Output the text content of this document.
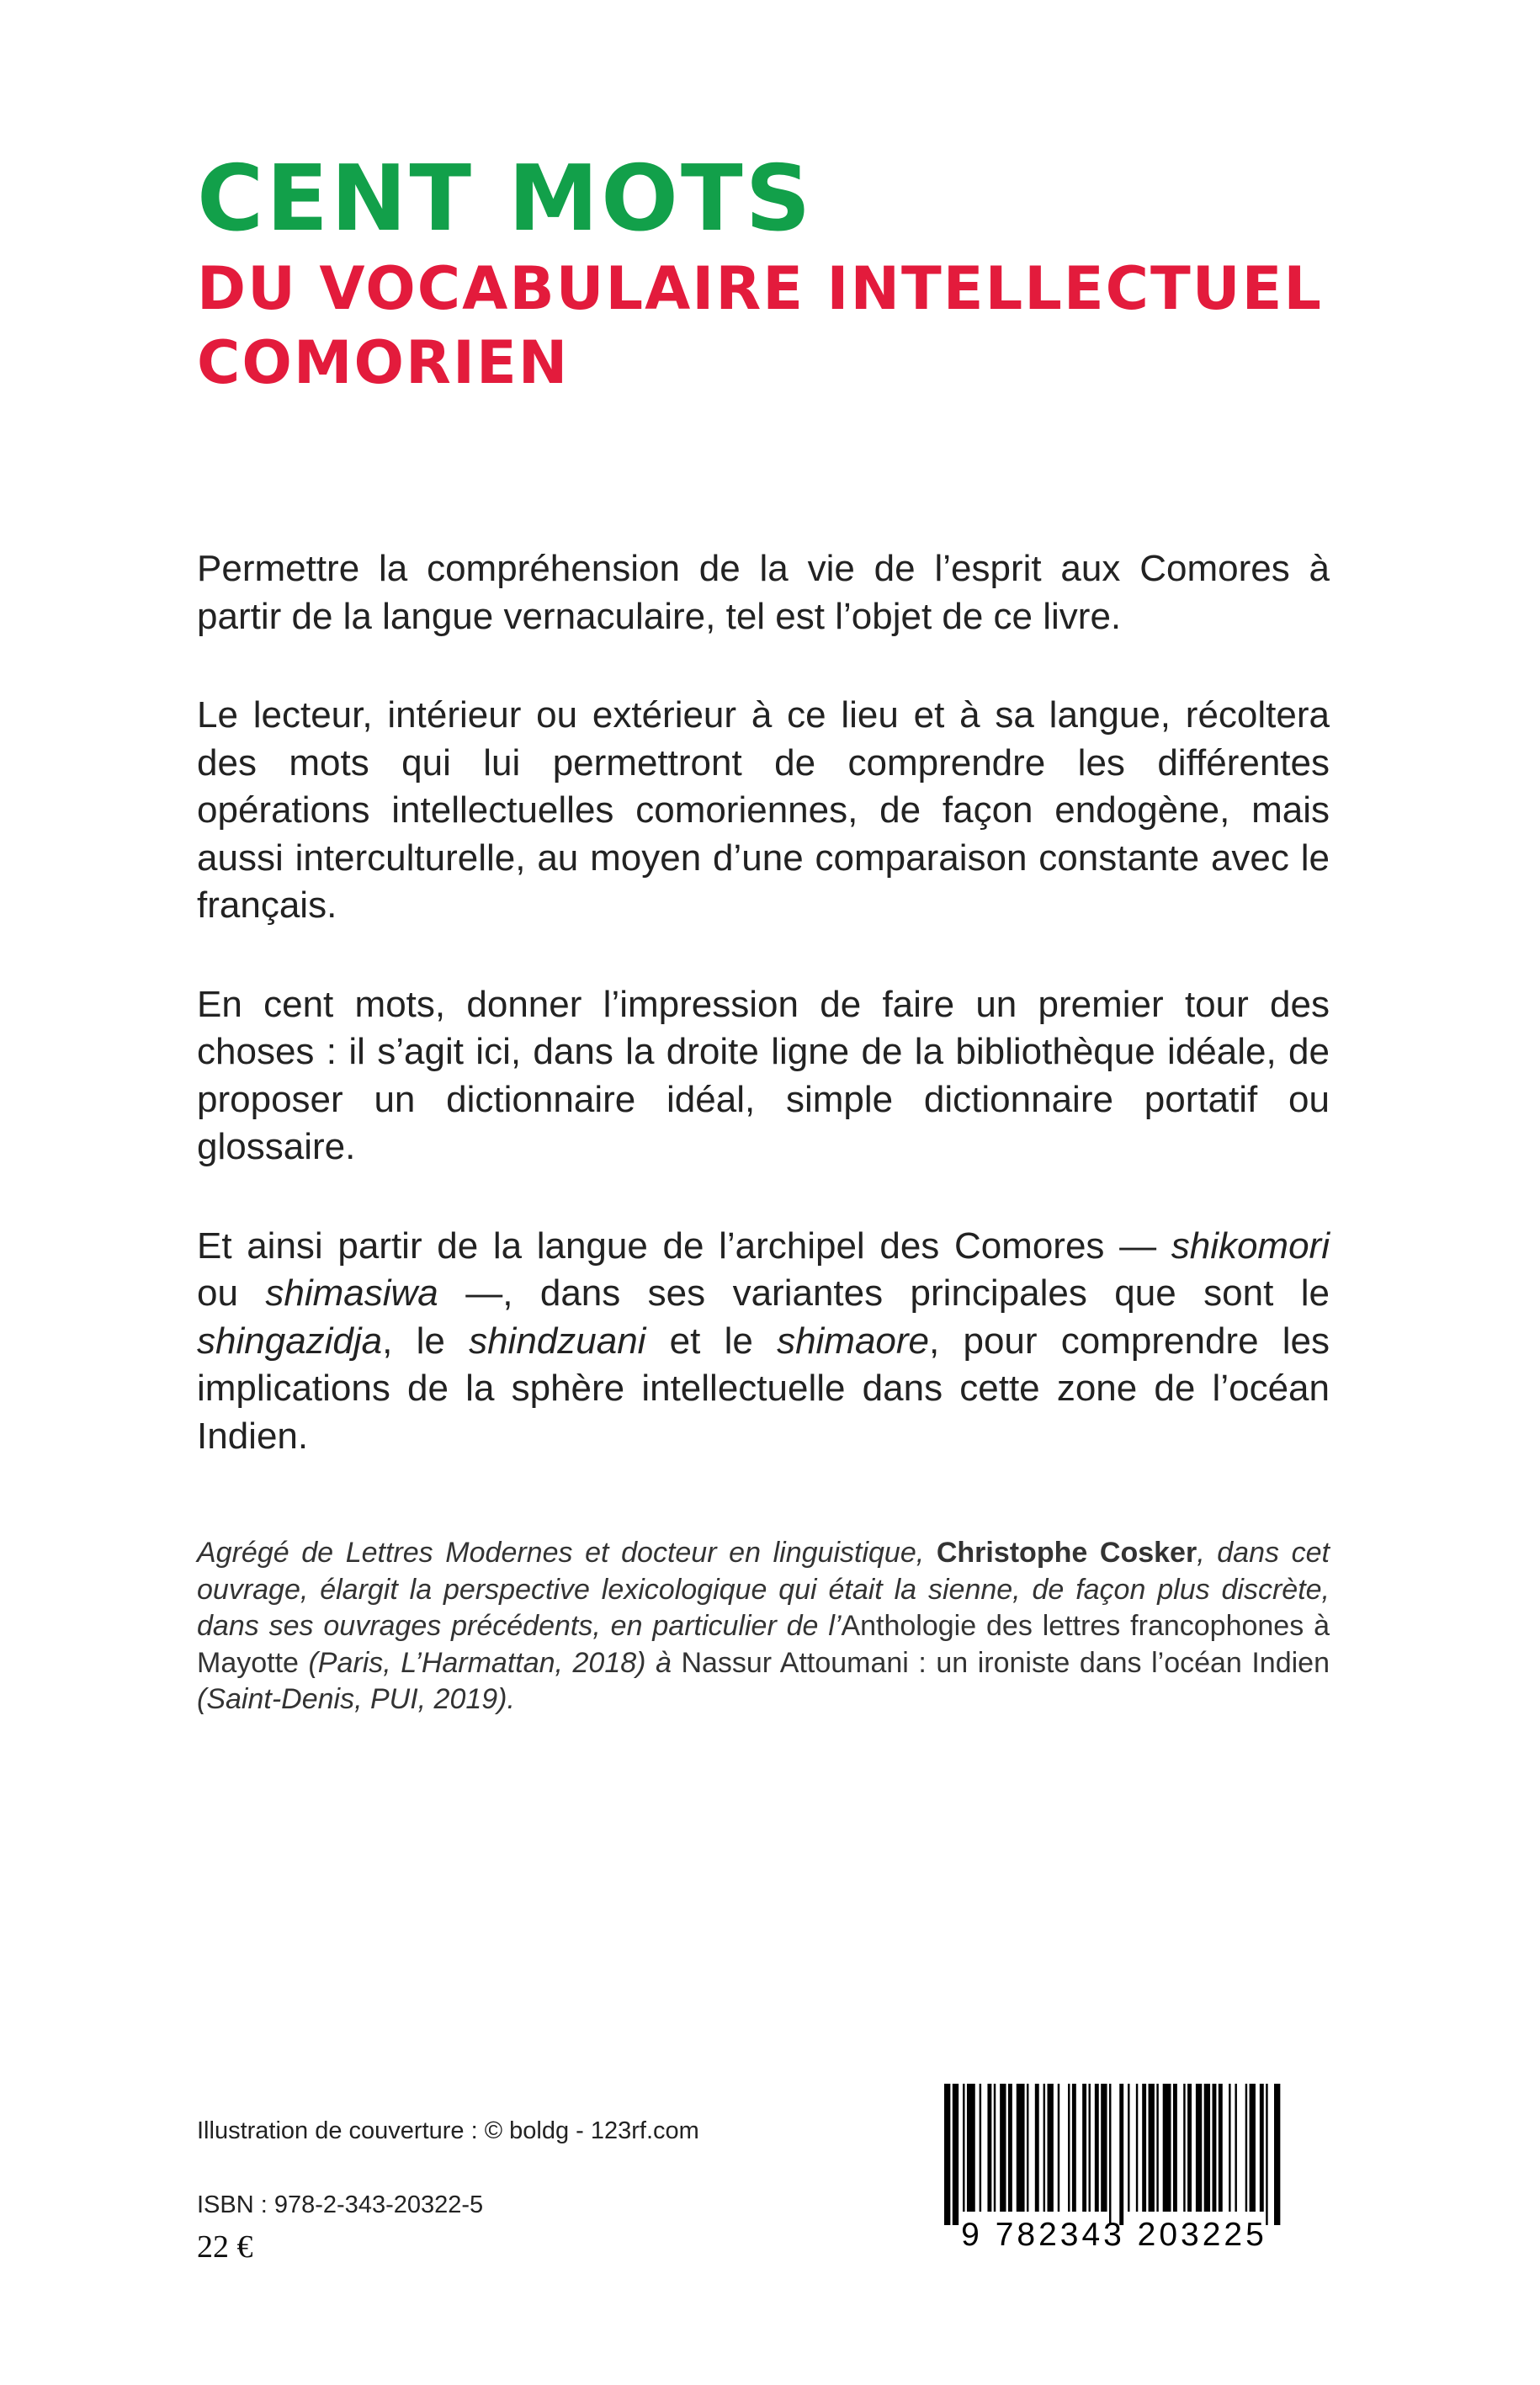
CENT MOTS
DU VOCABULAIRE INTELLECTUEL
COMORIEN

Permettre la compréhension de la vie de l’esprit aux Comores à partir de la langue vernaculaire, tel est l’objet de ce livre.

Le lecteur, intérieur ou extérieur à ce lieu et à sa langue, récoltera des mots qui lui permettront de comprendre les différentes opérations intellectuelles comoriennes, de façon endogène, mais aussi interculturelle, au moyen d’une comparaison constante avec le français.

En cent mots, donner l’impression de faire un premier tour des choses : il s’agit ici, dans la droite ligne de la bibliothèque idéale, de proposer un dictionnaire idéal, simple dictionnaire portatif ou glossaire.

Et ainsi partir de la langue de l’archipel des Comores — shikomori ou shimasiwa —, dans ses variantes principales que sont le shingazidja, le shindzuani et le shimaore, pour comprendre les implications de la sphère intellectuelle dans cette zone de l’océan Indien.

Agrégé de Lettres Modernes et docteur en linguistique, Christophe Cosker, dans cet ouvrage, élargit la perspective lexicologique qui était la sienne, de façon plus discrète, dans ses ouvrages précédents, en particulier de l’Anthologie des lettres francophones à Mayotte (Paris, L’Harmattan, 2018) à Nassur Attoumani : un ironiste dans l’océan Indien (Saint-Denis, PUI, 2019).

Illustration de couverture : © boldg - 123rf.com
ISBN : 978-2-343-20322-5
22 €	9 782343 203225
